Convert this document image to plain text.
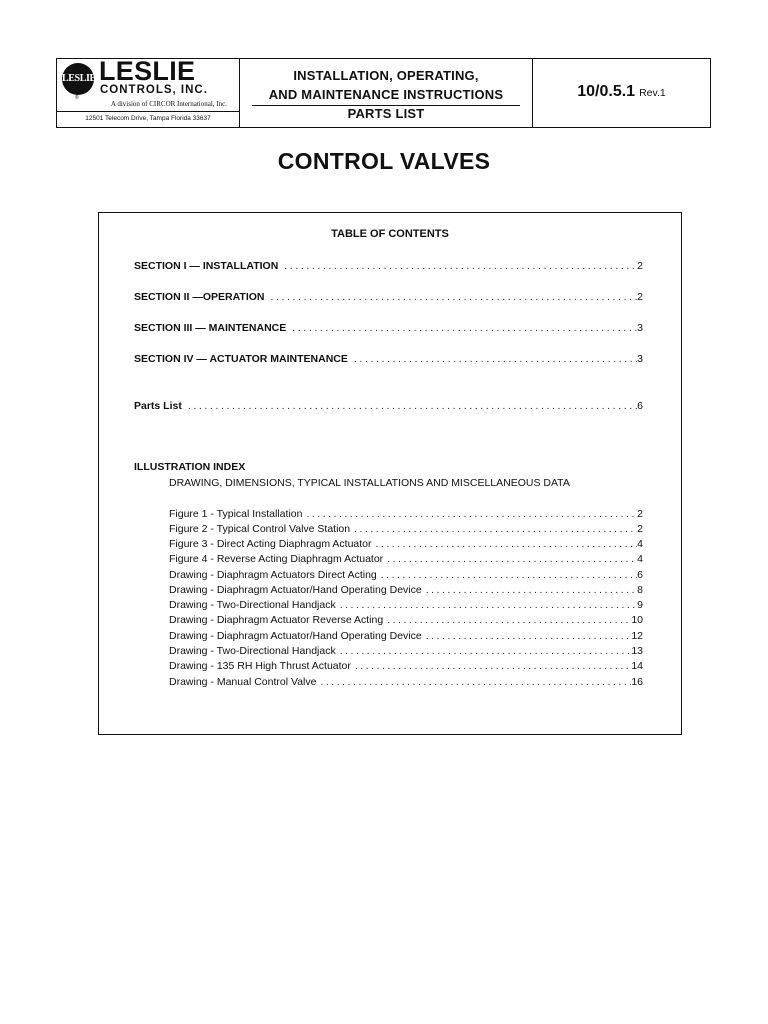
LESLIE
®
LESLIE
CONTROLS, INC.
A division of CIRCOR International, Inc.
12501 Telecom Drive, Tampa Florida 33637
INSTALLATION, OPERATING,
AND MAINTENANCE INSTRUCTIONS
PARTS LIST
10/0.5.1 Rev.1
CONTROL VALVES
TABLE OF CONTENTS
SECTION I — INSTALLATION .....	2
SECTION II —OPERATION .....	2
SECTION III — MAINTENANCE .....	3
SECTION IV — ACTUATOR MAINTENANCE .....	3
Parts List .....	6
ILLUSTRATION INDEX
DRAWING, DIMENSIONS, TYPICAL INSTALLATIONS AND MISCELLANEOUS DATA
Figure 1 - Typical Installation .....	2
Figure 2 - Typical Control Valve Station .....	2
Figure 3 - Direct Acting Diaphragm Actuator .....	4
Figure 4 - Reverse Acting Diaphragm Actuator .....	4
Drawing - Diaphragm Actuators Direct Acting .....	6
Drawing - Diaphragm Actuator/Hand Operating Device .....	8
Drawing - Two-Directional Handjack .....	9
Drawing - Diaphragm Actuator Reverse Acting .....	10
Drawing - Diaphragm Actuator/Hand Operating Device .....	12
Drawing - Two-Directional Handjack .....	13
Drawing - 135 RH High Thrust Actuator .....	14
Drawing - Manual Control Valve .....	16
